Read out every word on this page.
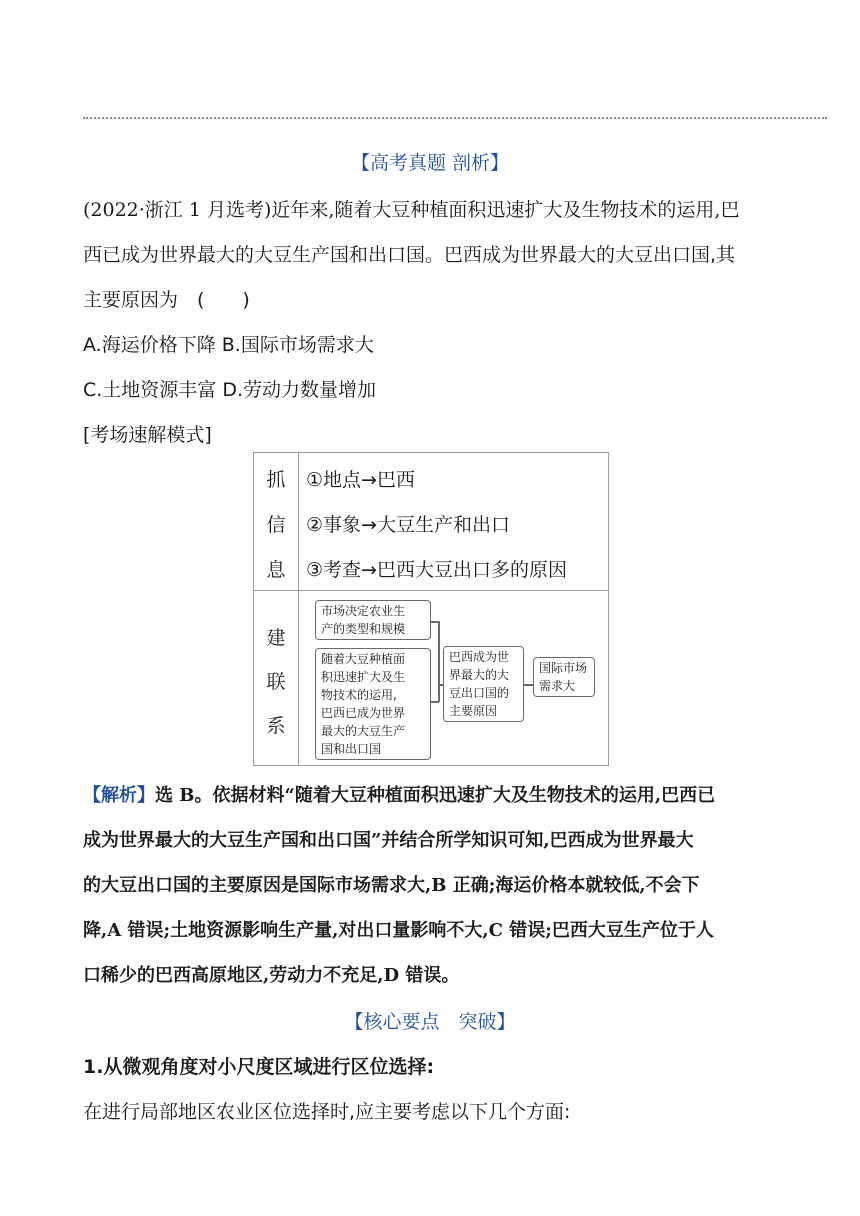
【高考真题 剖析】
(2022·浙江 1 月选考)近年来,随着大豆种植面积迅速扩大及生物技术的运用,巴
西已成为世界最大的大豆生产国和出口国。巴西成为世界最大的大豆出口国,其
主要原因为　(　　)
A.海运价格下降 B.国际市场需求大
C.土地资源丰富 D.劳动力数量增加
[考场速解模式]
抓
信
息
①地点→巴西
②事象→大豆生产和出口
③考查→巴西大豆出口多的原因
建
联
系
市场决定农业生
产的类型和规模
随着大豆种植面
积迅速扩大及生
物技术的运用,
巴西已成为世界
最大的大豆生产
国和出口国
巴西成为世
界最大的大
豆出口国的
主要原因
国际市场
需求大
【解析】选 B。依据材料“随着大豆种植面积迅速扩大及生物技术的运用,巴西已
成为世界最大的大豆生产国和出口国”并结合所学知识可知,巴西成为世界最大
的大豆出口国的主要原因是国际市场需求大,B 正确;海运价格本就较低,不会下
降,A 错误;土地资源影响生产量,对出口量影响不大,C 错误;巴西大豆生产位于人
口稀少的巴西高原地区,劳动力不充足,D 错误。
【核心要点　突破】
1.从微观角度对小尺度区域进行区位选择:
在进行局部地区农业区位选择时,应主要考虑以下几个方面:
